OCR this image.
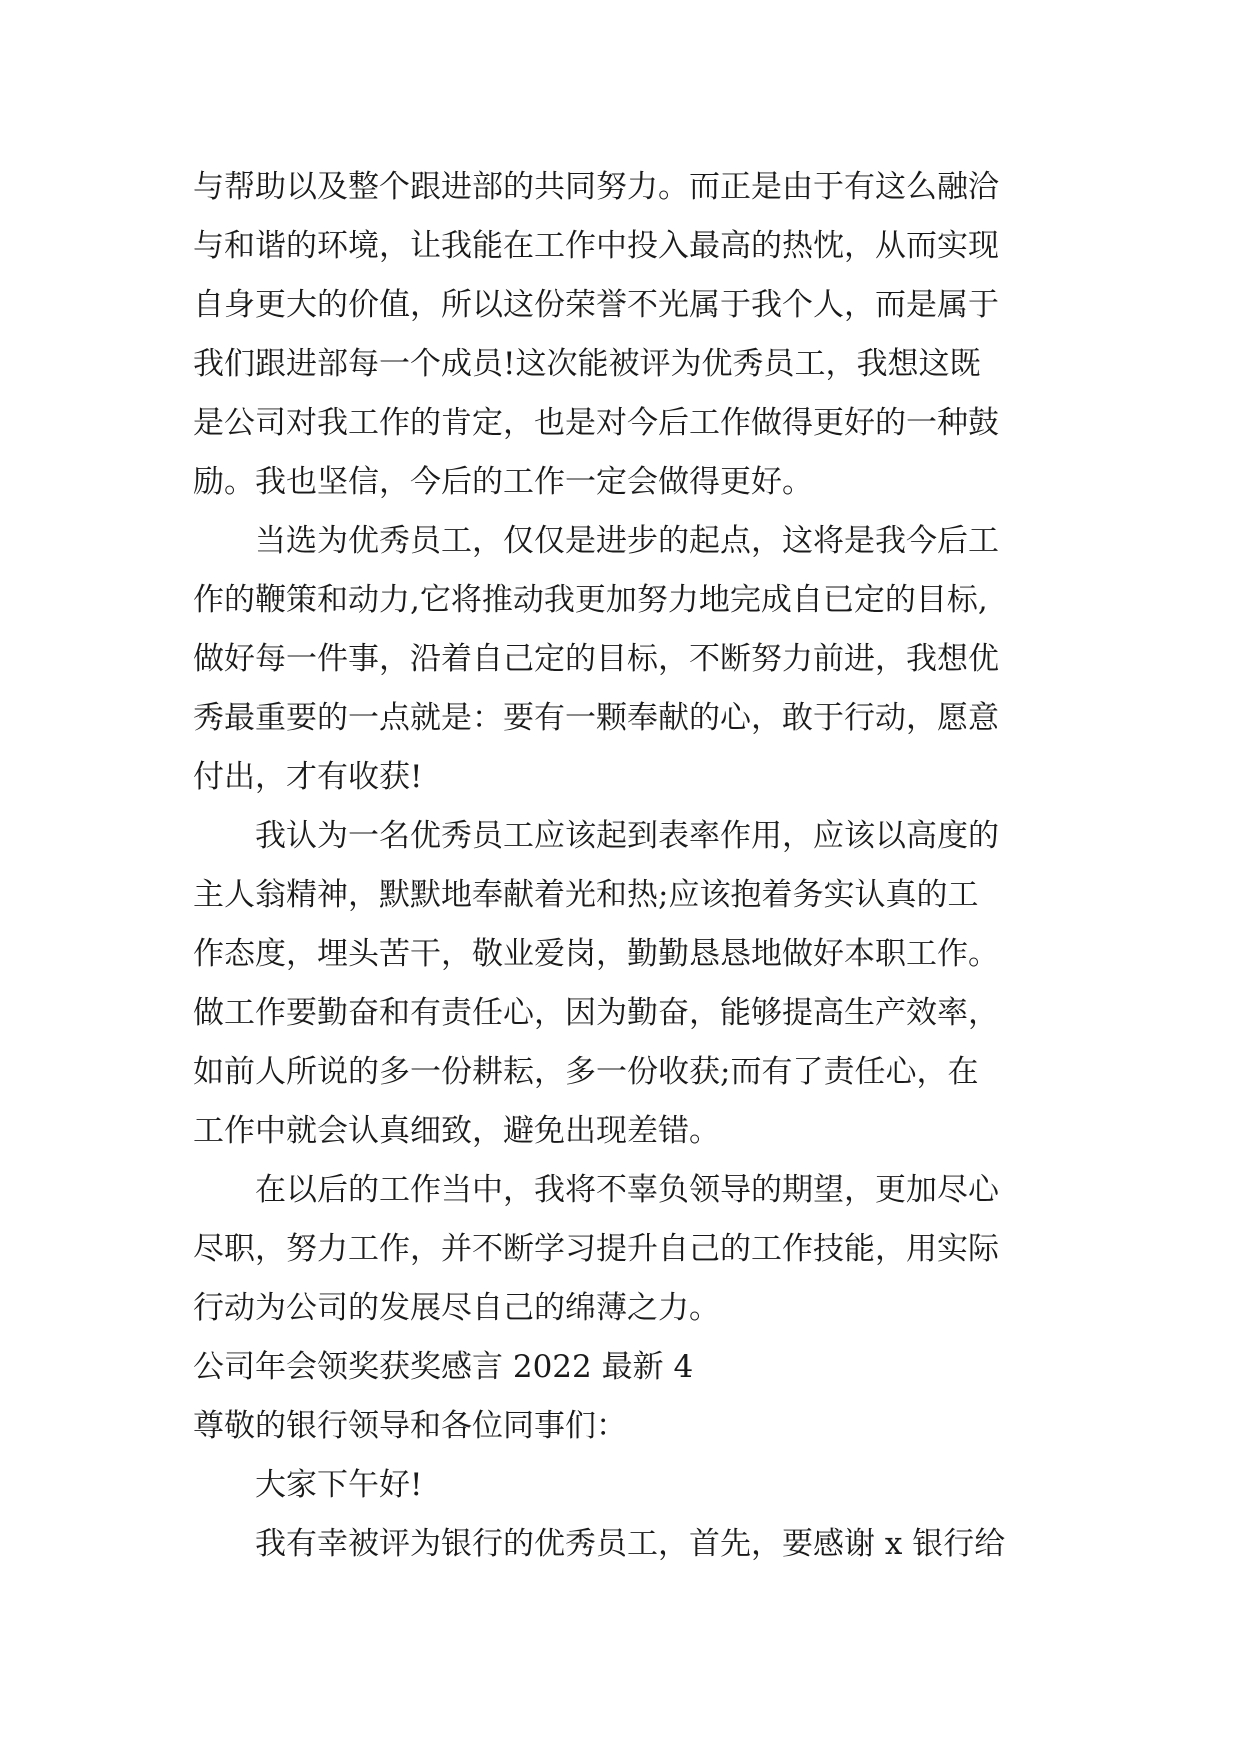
与帮助以及整个跟进部的共同努力。而正是由于有这么融洽
与和谐的环境，让我能在工作中投入最高的热忱，从而实现
自身更大的价值，所以这份荣誉不光属于我个人，而是属于
我们跟进部每一个成员!这次能被评为优秀员工，我想这既
是公司对我工作的肯定，也是对今后工作做得更好的一种鼓
励。我也坚信，今后的工作一定会做得更好。
当选为优秀员工，仅仅是进步的起点，这将是我今后工
作的鞭策和动力,它将推动我更加努力地完成自已定的目标,
做好每一件事，沿着自己定的目标，不断努力前进，我想优
秀最重要的一点就是：要有一颗奉献的心，敢于行动，愿意
付出，才有收获!
我认为一名优秀员工应该起到表率作用，应该以高度的
主人翁精神，默默地奉献着光和热;应该抱着务实认真的工
作态度，埋头苦干，敬业爱岗，勤勤恳恳地做好本职工作。
做工作要勤奋和有责任心，因为勤奋，能够提高生产效率，
如前人所说的多一份耕耘，多一份收获;而有了责任心，在
工作中就会认真细致，避免出现差错。
在以后的工作当中，我将不辜负领导的期望，更加尽心
尽职，努力工作，并不断学习提升自己的工作技能，用实际
行动为公司的发展尽自己的绵薄之力。
公司年会领奖获奖感言 2022 最新 4
尊敬的银行领导和各位同事们：
大家下午好!
我有幸被评为银行的优秀员工，首先，要感谢 x 银行给
